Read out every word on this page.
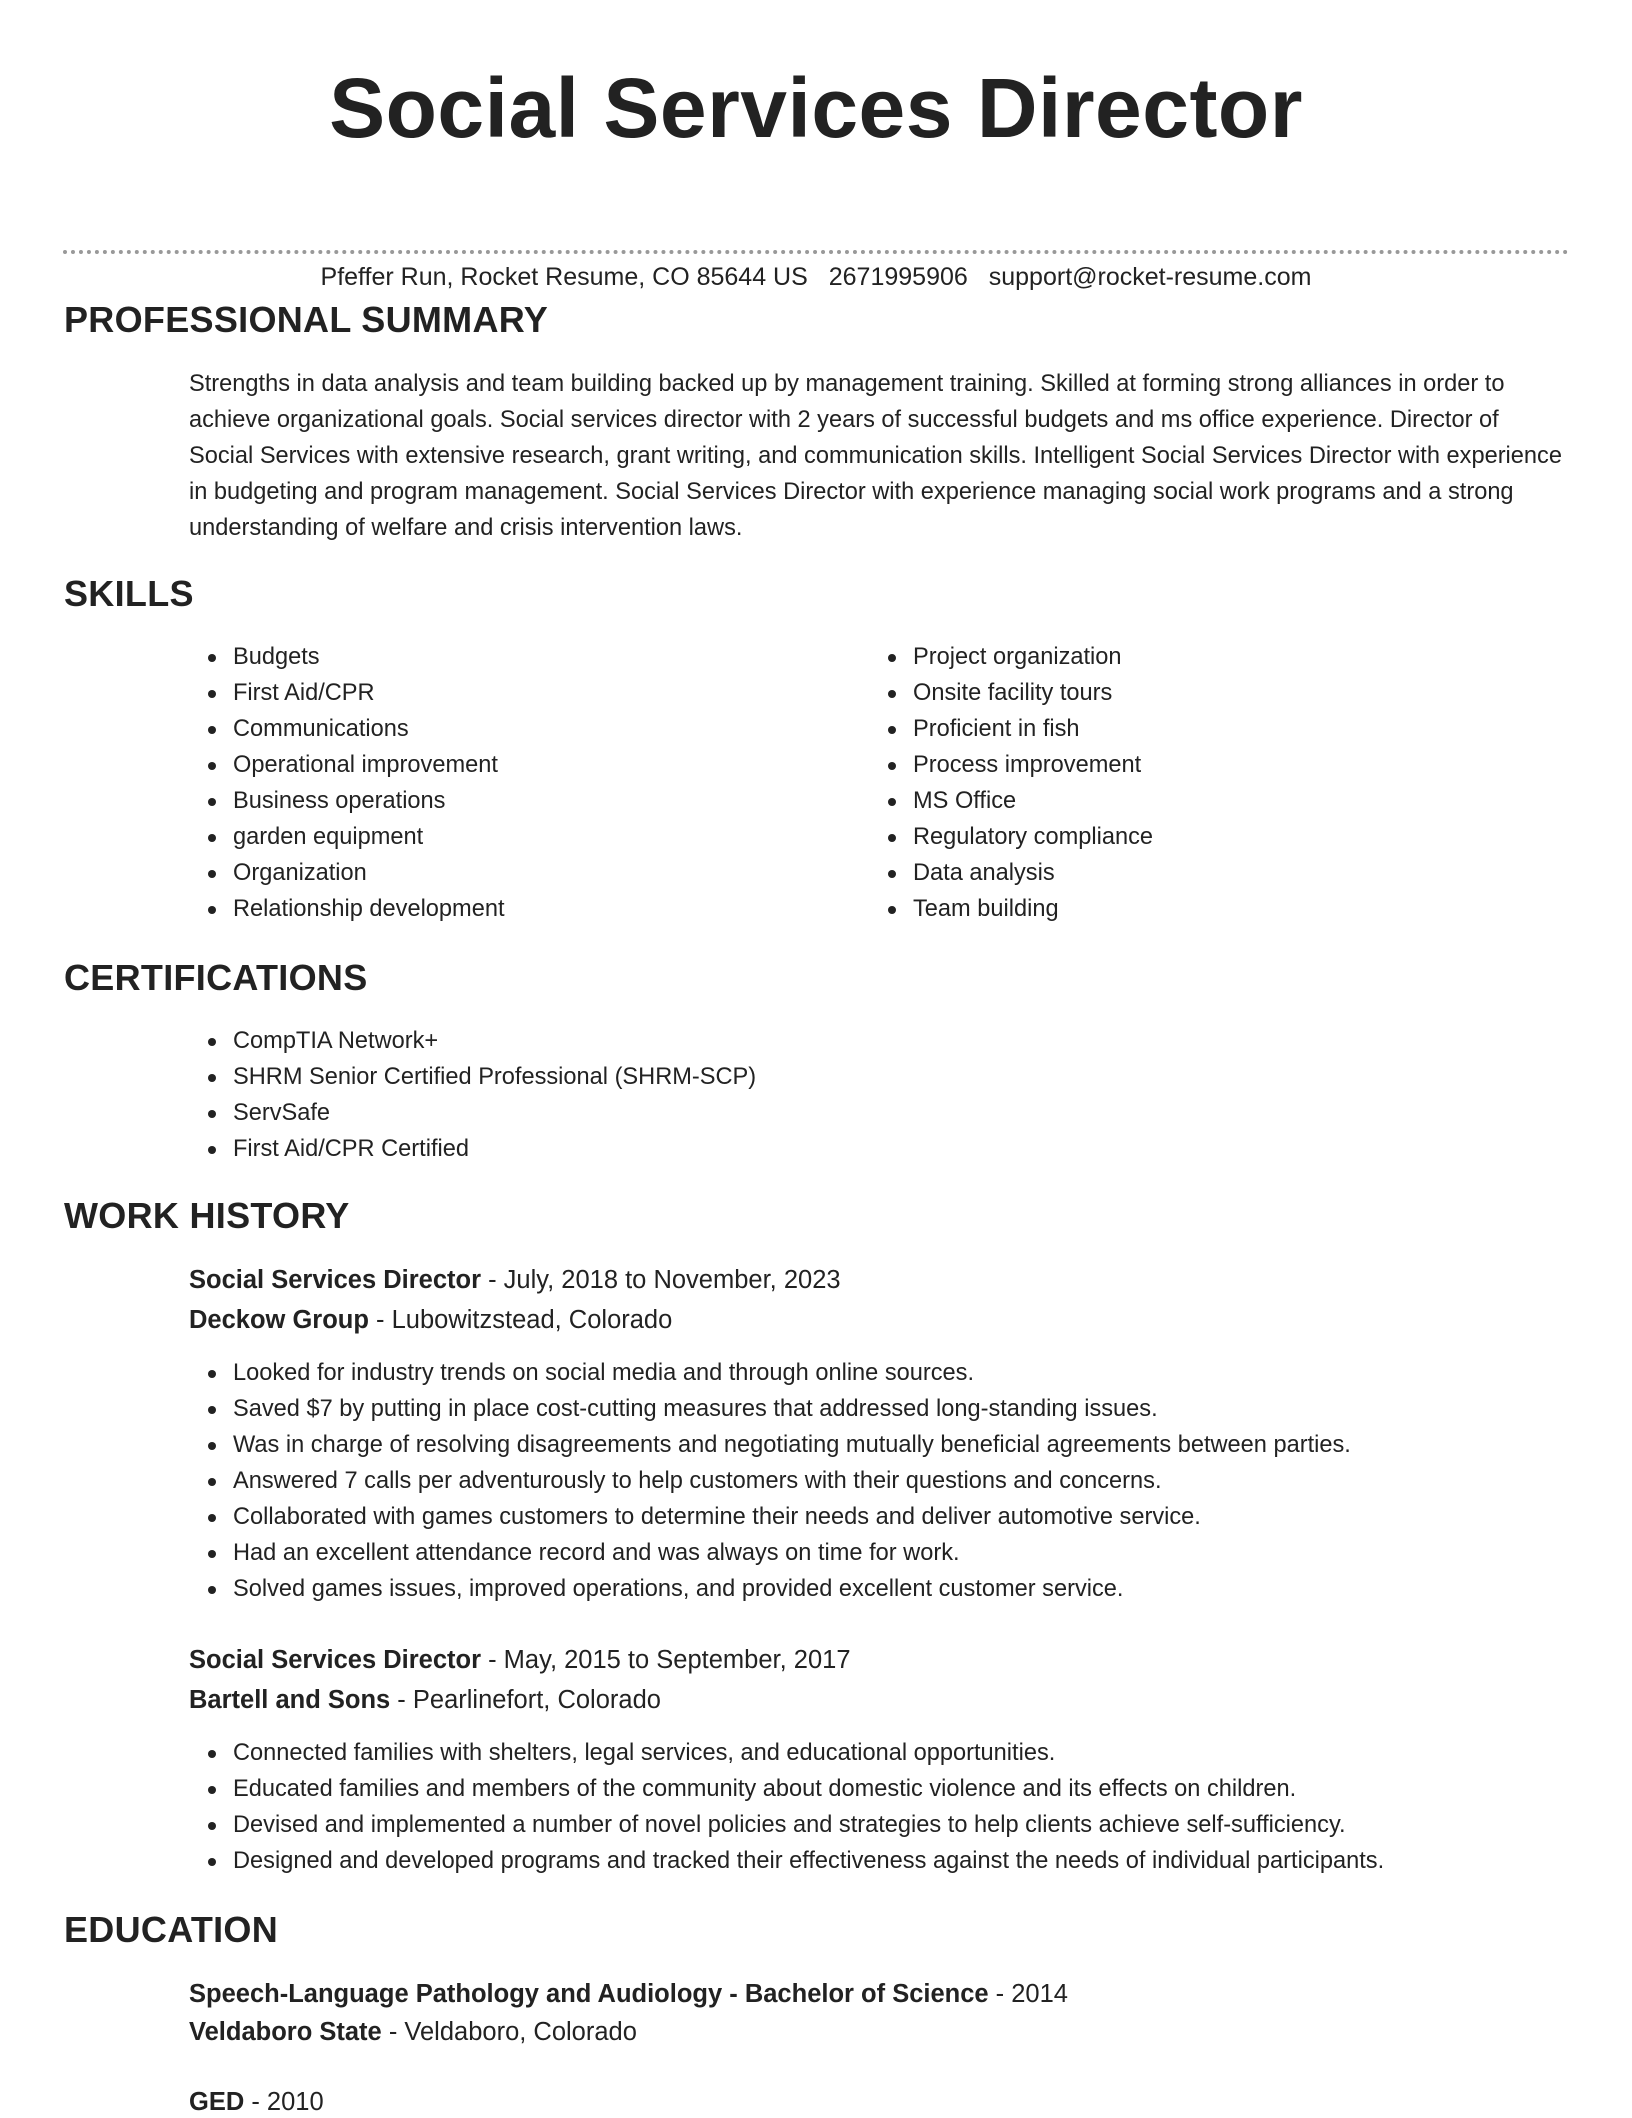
Social Services Director
Pfeffer Run, Rocket Resume, CO 85644 US 2671995906 support@rocket-resume.com
PROFESSIONAL SUMMARY

Strengths in data analysis and team building backed up by management training. Skilled at forming strong alliances in order to achieve organizational goals. Social services director with 2 years of successful budgets and ms office experience. Director of Social Services with extensive research, grant writing, and communication skills. Intelligent Social Services Director with experience in budgeting and program management. Social Services Director with experience managing social work programs and a strong understanding of welfare and crisis intervention laws.

SKILLS
Budgets
First Aid/CPR
Communications
Operational improvement
Business operations
garden equipment
Organization
Relationship development
Project organization
Onsite facility tours
Proficient in fish
Process improvement
MS Office
Regulatory compliance
Data analysis
Team building
CERTIFICATIONS
CompTIA Network+
SHRM Senior Certified Professional (SHRM-SCP)
ServSafe
First Aid/CPR Certified
WORK HISTORY
Social Services Director - July, 2018 to November, 2023
Deckow Group - Lubowitzstead, Colorado
Looked for industry trends on social media and through online sources.
Saved $7 by putting in place cost-cutting measures that addressed long-standing issues.
Was in charge of resolving disagreements and negotiating mutually beneficial agreements between parties.
Answered 7 calls per adventurously to help customers with their questions and concerns.
Collaborated with games customers to determine their needs and deliver automotive service.
Had an excellent attendance record and was always on time for work.
Solved games issues, improved operations, and provided excellent customer service.
Social Services Director - May, 2015 to September, 2017
Bartell and Sons - Pearlinefort, Colorado
Connected families with shelters, legal services, and educational opportunities.
Educated families and members of the community about domestic violence and its effects on children.
Devised and implemented a number of novel policies and strategies to help clients achieve self-sufficiency.
Designed and developed programs and tracked their effectiveness against the needs of individual participants.
EDUCATION
Speech-Language Pathology and Audiology - Bachelor of Science - 2014
Veldaboro State - Veldaboro, Colorado
GED - 2010
